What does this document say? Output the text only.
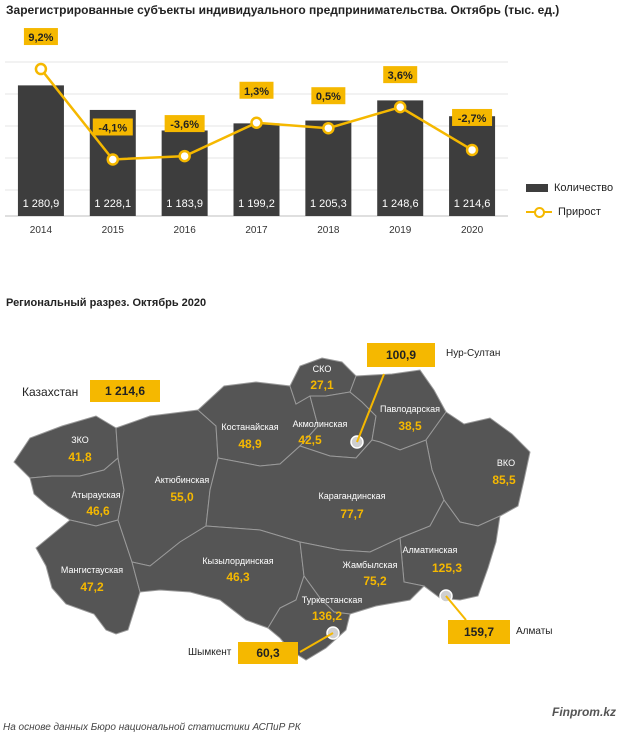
Зарегистрированные субъекты индивидуального предпринимательства. Октябрь (тыс. ед.)
1 280,9	1 228,1	1 183,9	1 199,2	1 205,3	1 248,6	1 214,6
2014	2015	2016	2017	2018	2019	2020
9,2%
-4,1%	-3,6%
1,3%	0,5%
3,6%
-2,7%
Количество
Прирост
Региональный разрез. Октябрь 2020
СКО
27,1
Костанайская
48,9
Акмолинская
42,5
Павлодарская
38,5
ЗКО
41,8
Актюбинская
55,0
Атырауская
46,6
ВКО
85,5
Карагандинская
77,7
Мангистауская
47,2
Кызылординская
46,3
Алматинская
125,3
Жамбылская
75,2
Туркестанская
136,2
Казахстан	1 214,6
100,9	Нур-Султан
159,7	Алматы
60,3
Шымкент
Finprom.kz
На основе данных Бюро национальной статистики АСПиР РК
